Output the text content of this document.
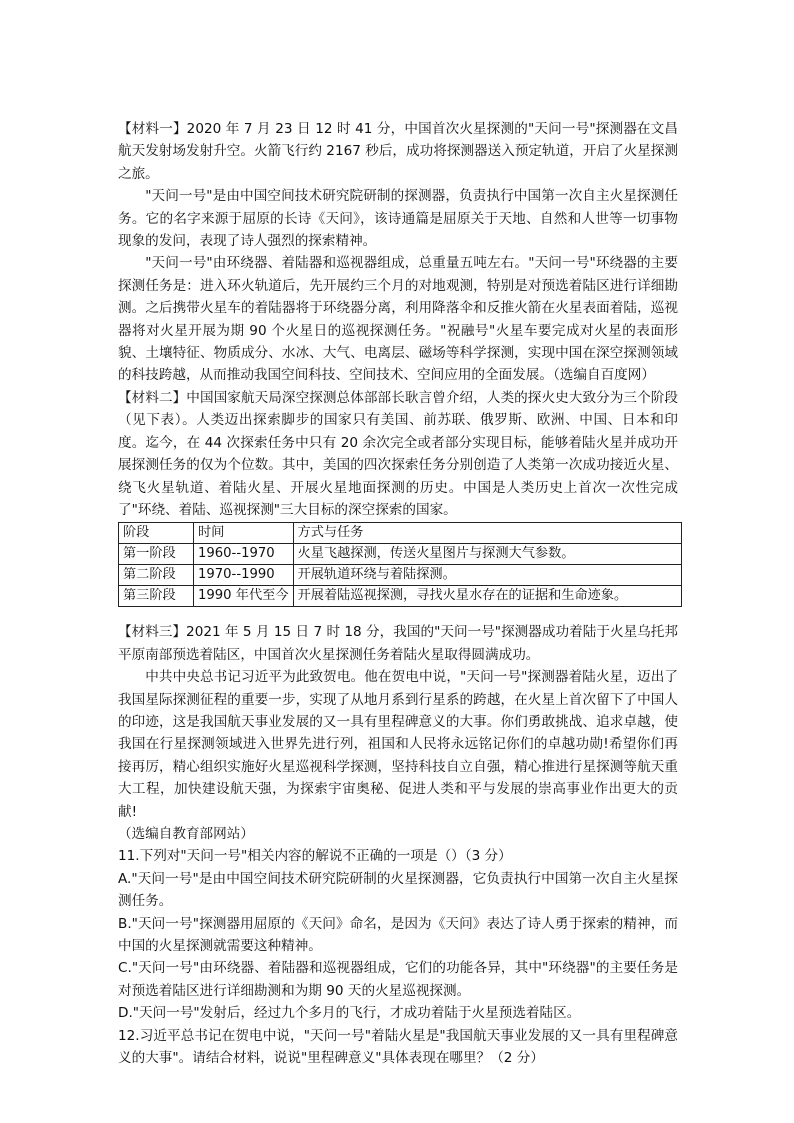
【材料一】2020 年 7 月 23 日 12 时 41 分，中国首次火星探测的"天问一号"探测器在文昌航天发射场发射升空。火箭飞行约 2167 秒后，成功将探测器送入预定轨道，开启了火星探测之旅。

"天问一号"是由中国空间技术研究院研制的探测器，负责执行中国第一次自主火星探测任务。它的名字来源于屈原的长诗《天问》，该诗通篇是屈原关于天地、自然和人世等一切事物现象的发问，表现了诗人强烈的探索精神。

"天问一号"由环绕器、着陆器和巡视器组成，总重量五吨左右。"天问一号"环绕器的主要探测任务是：进入环火轨道后，先开展约三个月的对地观测，特别是对预选着陆区进行详细勘测。之后携带火星车的着陆器将于环绕器分离，利用降落伞和反推火箭在火星表面着陆，巡视器将对火星开展为期 90 个火星日的巡视探测任务。"祝融号"火星车要完成对火星的表面形貌、土壤特征、物质成分、水冰、大气、电离层、磁场等科学探测，实现中国在深空探测领域的科技跨越，从而推动我国空间科技、空间技术、空间应用的全面发展。（选编自百度网）

【材料二】中国国家航天局深空探测总体部部长耿言曾介绍，人类的探火史大致分为三个阶段（见下表）。人类迈出探索脚步的国家只有美国、前苏联、俄罗斯、欧洲、中国、日本和印度。迄今，在 44 次探索任务中只有 20 余次完全或者部分实现目标，能够着陆火星并成功开展探测任务的仅为个位数。其中，美国的四次探索任务分别创造了人类第一次成功接近火星、绕飞火星轨道、着陆火星、开展火星地面探测的历史。中国是人类历史上首次一次性完成了"环绕、着陆、巡视探测"三大目标的深空探索的国家。

阶段	时间	方式与任务
第一阶段	1960--1970	火星飞越探测，传送火星图片与探测大气参数。
第二阶段	1970--1990	开展轨道环绕与着陆探测。
第三阶段	1990 年代至今	开展着陆巡视探测，寻找火星水存在的证据和生命迹象。

【材料三】2021 年 5 月 15 日 7 时 18 分，我国的"天问一号"探测器成功着陆于火星乌托邦平原南部预选着陆区，中国首次火星探测任务着陆火星取得圆满成功。

中共中央总书记习近平为此致贺电。他在贺电中说，"天问一号"探测器着陆火星，迈出了我国星际探测征程的重要一步，实现了从地月系到行星系的跨越，在火星上首次留下了中国人的印迹，这是我国航天事业发展的又一具有里程碑意义的大事。你们勇敢挑战、追求卓越，使我国在行星探测领域进入世界先进行列，祖国和人民将永远铭记你们的卓越功勋!希望你们再接再厉，精心组织实施好火星巡视科学探测，坚持科技自立自强，精心推进行星探测等航天重大工程，加快建设航天强，为探索宇宙奥秘、促进人类和平与发展的崇高事业作出更大的贡献!

（选编自教育部网站）

11.下列对"天问一号"相关内容的解说不正确的一项是（）（3 分）

A."天问一号"是由中国空间技术研究院研制的火星探测器，它负责执行中国第一次自主火星探测任务。

B."天问一号"探测器用屈原的《天问》命名，是因为《天问》表达了诗人勇于探索的精神，而中国的火星探测就需要这种精神。

C."天问一号"由环绕器、着陆器和巡视器组成，它们的功能各异，其中"环绕器"的主要任务是对预选着陆区进行详细勘测和为期 90 天的火星巡视探测。

D."天问一号"发射后，经过九个多月的飞行，才成功着陆于火星预选着陆区。

12.习近平总书记在贺电中说，"天问一号"着陆火星是"我国航天事业发展的又一具有里程碑意义的大事"。请结合材料，说说"里程碑意义"具体表现在哪里？（2 分）
